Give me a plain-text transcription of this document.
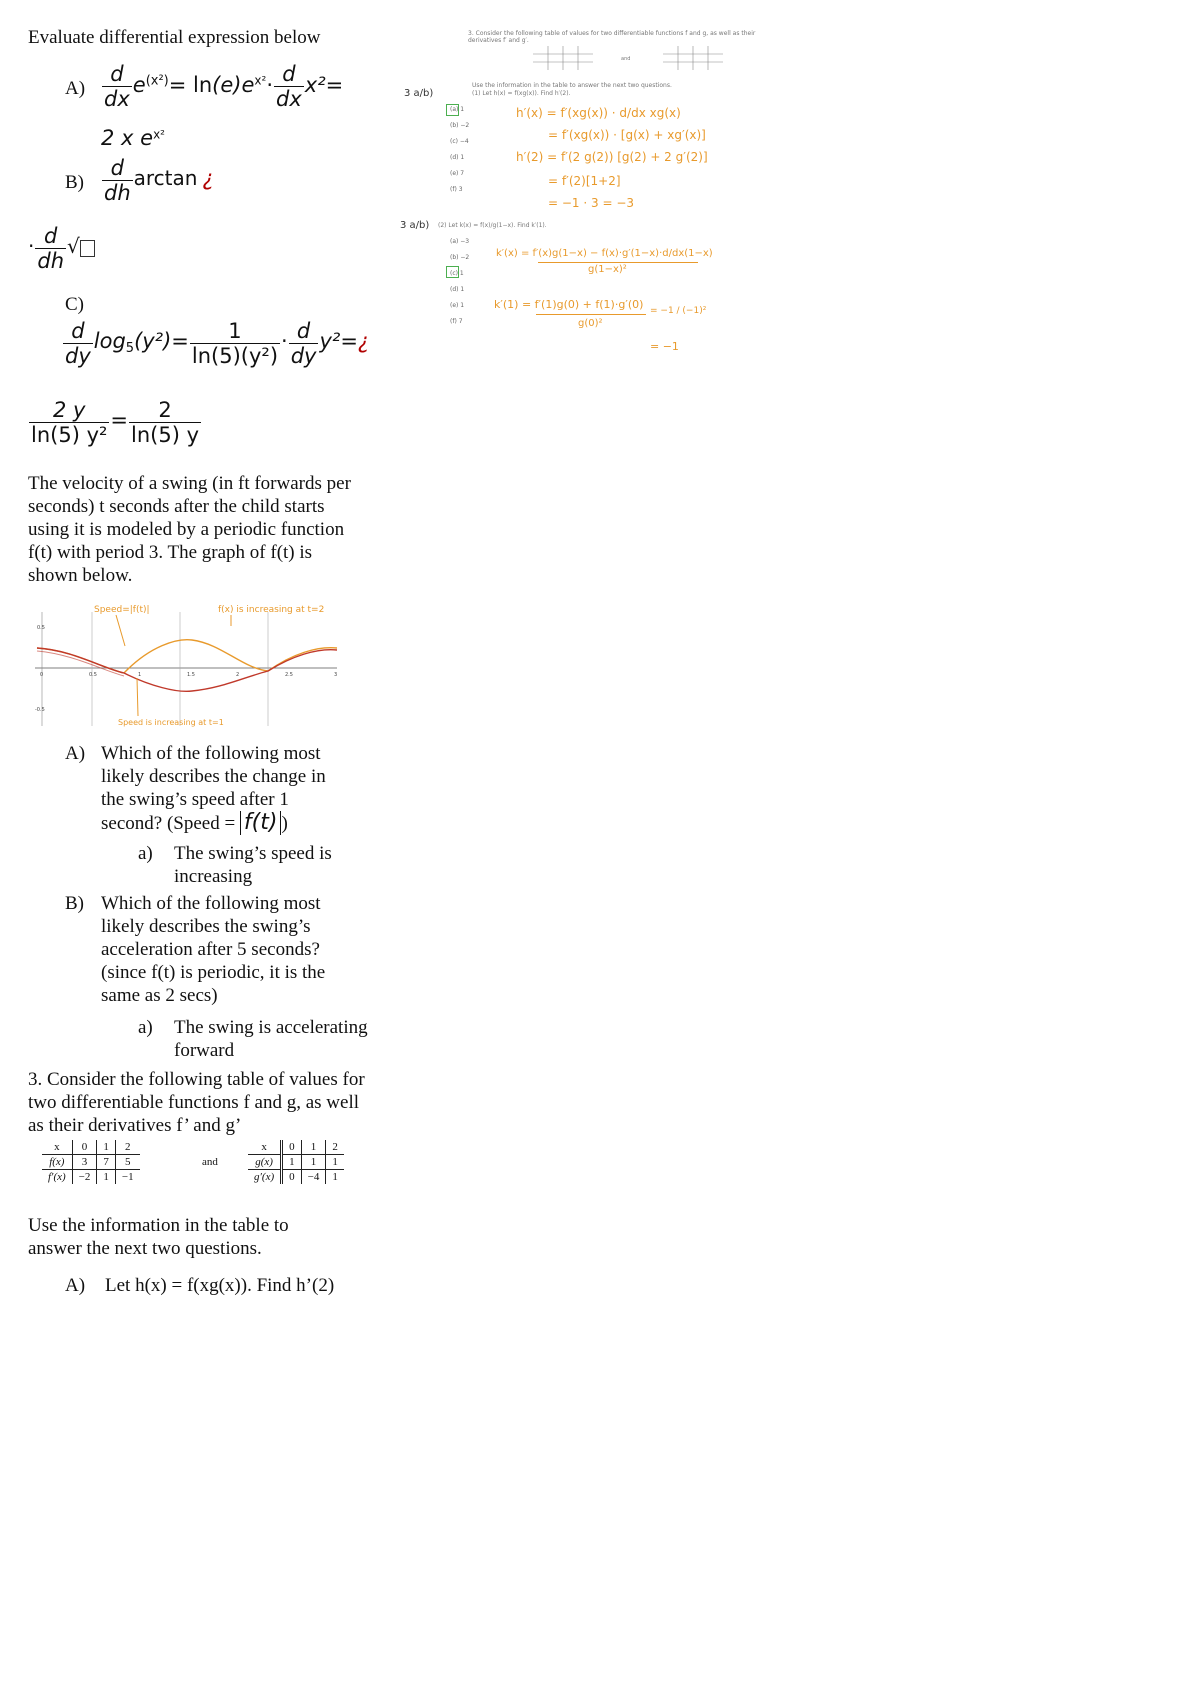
Evaluate differential expression below

$A) \frac{d}{dx} e^{(x^2)}= \ln(e)e^{x^2}\cdot \frac{d}{dx} x^2=$
2 x $e^{x^2}$
$B) \frac{d}{dh}$ arctan ¿
· $\frac{d}{dh}$ √
C)
$\frac{d}{dy} \log_5(y^2)= \frac{1}{\text{ln(5)(y²)}} \cdot \frac{d}{dy}$ y²=¿
$\frac{2 y}{\text{ln(5) y²}} = \frac{2}{\ln(5) y}$

The velocity of a swing (in ft forwards per seconds) t seconds after the child starts using it is modeled by a periodic function f(t) with period 3. The graph of f(t) is shown below.

0.5
-0.5
0	0.5	1	1.5	2	2.5	3
Speed=|f(t)|	f(x) is increasing at t=2
Speed is increasing at t=1
A) Which of the following most likely describes the change in the swing’s speed after 1 second? (Speed = f(t) )
a) The swing’s speed is increasing
B) Which of the following most likely describes the swing’s acceleration after 5 seconds? (since f(t) is periodic, it is the same as 2 secs)
a) The swing is accelerating forward

3. Consider the following table of values for two differentiable functions f and g, as well as their derivatives f’ and g’

x	0	1	2
f(x)	3	7	5
f′(x)	−2	1	−1
and
x	0	1	2
g(x)	1	1	1
g′(x)	0	−4	1

Use the information in the table to answer the next two questions.

A) Let h(x) = f(xg(x)). Find h’(2)
3. Consider the following table of values for two differentiable functions f and g, as well as their derivatives f′ and g′.
and
Use the information in the table to answer the next two questions.
3 a/b)	(1) Let h(x) = f(xg(x)). Find h′(2).
(a) 1
(b) −2
(c) −4
(d) 1
(e) 7
(f) 3
h′(x) = f′(xg(x)) · d/dx xg(x)
= f′(xg(x)) · [g(x) + xg′(x)]
h′(2) = f′(2 g(2)) [g(2) + 2 g′(2)]
= f′(2)[1+2]
= −1 · 3 = −3
3 a/b) (2) Let k(x) = f(x)/g(1−x). Find k′(1).
(a) −3
(b) −2
(c) 1
(d) 1
(e) 1
(f) 7
k′(x) = f′(x)g(1−x) − f(x)·g′(1−x)·d/dx(1−x)
g(1−x)²
k′(1) = f′(1)g(0) + f(1)·g′(0)
g(0)²
= −1 / (−1)²
= −1
